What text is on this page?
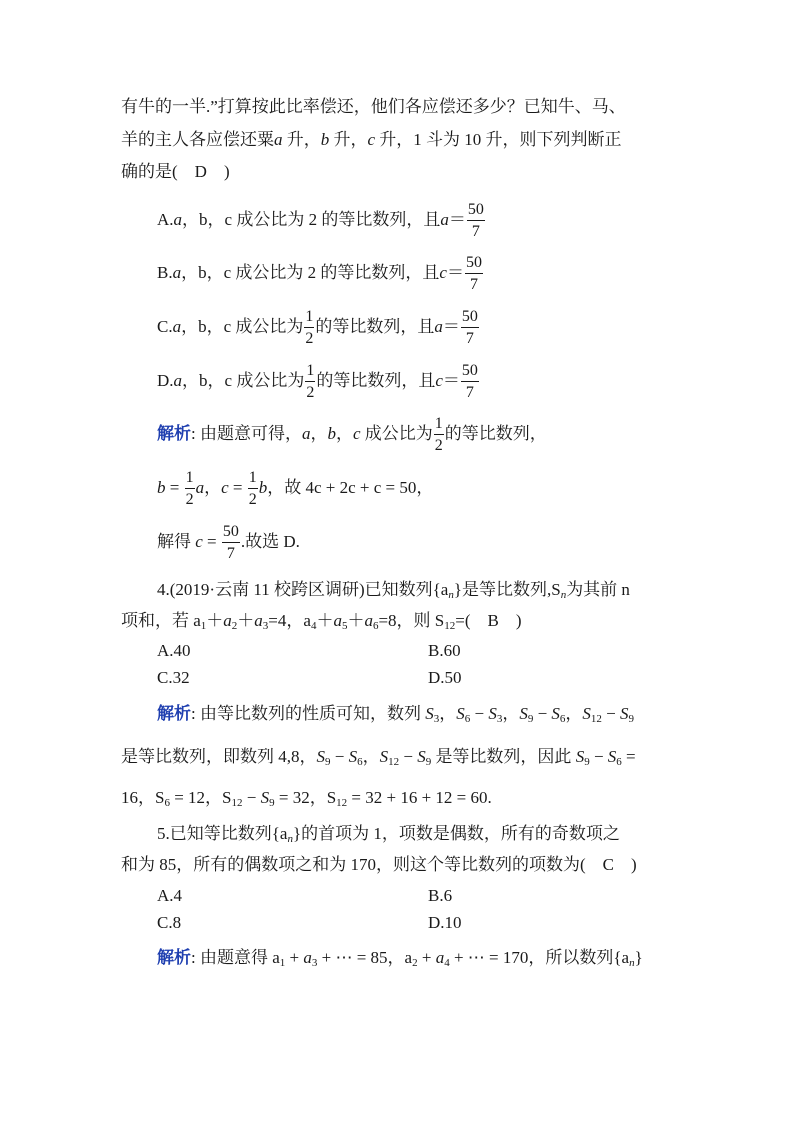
有牛的一半.”打算按此比率偿还，他们各应偿还多少？已知牛、马、
羊的主人各应偿还粟a 升，b 升，c 升，1 斗为 10 升，则下列判断正
确的是(　D　)
A.a，b，c 成公比为 2 的等比数列，且$a= \frac{50}{7}$
B.a，b，c 成公比为 2 的等比数列，且$c= \frac{50}{7}$
C.a，b，c 成公比为 $\frac{1}{2}$ 的等比数列，且$a= \frac{50}{7}$
D.a，b，c 成公比为 $\frac{1}{2}$ 的等比数列，且$c= \frac{50}{7}$
解析: 由题意可得，a，b，c 成公比为 $\frac{1}{2}$ 的等比数列，
$b = \frac{1}{2}$ a，$c = \frac{1}{2}$ b，故 4c + 2c + c = 50，
解得 $c = \frac{50}{7}$ .故选 D.
4.(2019·云南 11 校跨区调研)已知数列$\{a_n\}$是等比数列$,S_n$为其前 n
项和，若 $a_1+a_2+a_3=4$，$a_4+a_5+a_6=8$，则 $S_{12}=$(　B　)
A.40	B.60
C.32	D.50
解析: 由等比数列的性质可知，数列 $S_3$，$S_6 - S_3$，$S_9 - S_6$，$S_{12} - S_9$
是等比数列，即数列 4,8，$S_9 - S_6$，$S_{12} - S_9$ 是等比数列，因此 $S_9 - S_6$ =
16，$S_6 = 12$，$S_{12} - S_9 = 32$，$S_{12} = 32 + 16 + 12 = 60$.
5.已知等比数列$\{a_n\}$的首项为 1，项数是偶数，所有的奇数项之
和为 85，所有的偶数项之和为 170，则这个等比数列的项数为(　C　)
A.4	B.6
C.8	D.10
解析: 由题意得 $a_1 + a_3$ + ⋯ = 85，$a_2 + a_4$ + ⋯ = 170，所以数列$\{a_n\}$
